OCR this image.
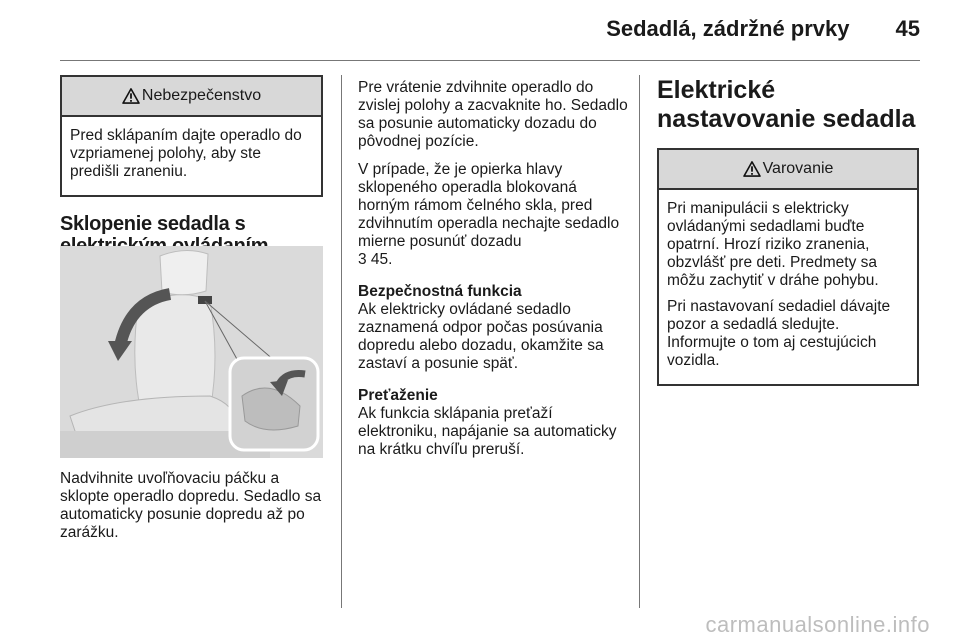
Sedadlá, zádržné prvky 45
Nebezpečenstvo

Pred sklápaním dajte operadlo do vzpriamenej polohy, aby ste predišli zraneniu.

Sklopenie sedadla s

Nadvihnite uvoľňovaciu páčku a sklopte operadlo dopredu. Sedadlo sa automaticky posunie dopredu až po zarážku.

Pre vrátenie zdvihnite operadlo do zvislej polohy a zacvaknite ho. Sedadlo sa posunie automaticky dozadu do pôvodnej pozície.

V prípade, že je opierka hlavy sklopeného operadla blokovaná horným rámom čelného skla, pred zdvihnutím operadla nechajte sedadlo mierne posunúť dozadu
3 45.

Bezpečnostná funkcia

Ak elektricky ovládané sedadlo zaznamená odpor počas posúvania dopredu alebo dozadu, okamžite sa zastaví a posunie späť.

Preťaženie

Ak funkcia sklápania preťaží elektroniku, napájanie sa automaticky na krátku chvíľu preruší.

Elektrické nastavovanie sedadla
Varovanie

Pri manipulácii s elektricky ovládanými sedadlami buďte opatrní. Hrozí riziko zranenia, obzvlášť pre deti. Predmety sa môžu zachytiť v dráhe pohybu.

Pri nastavovaní sedadiel dávajte pozor a sedadlá sledujte. Informujte o tom aj cestujúcich vozidla.

carmanualsonline.info
